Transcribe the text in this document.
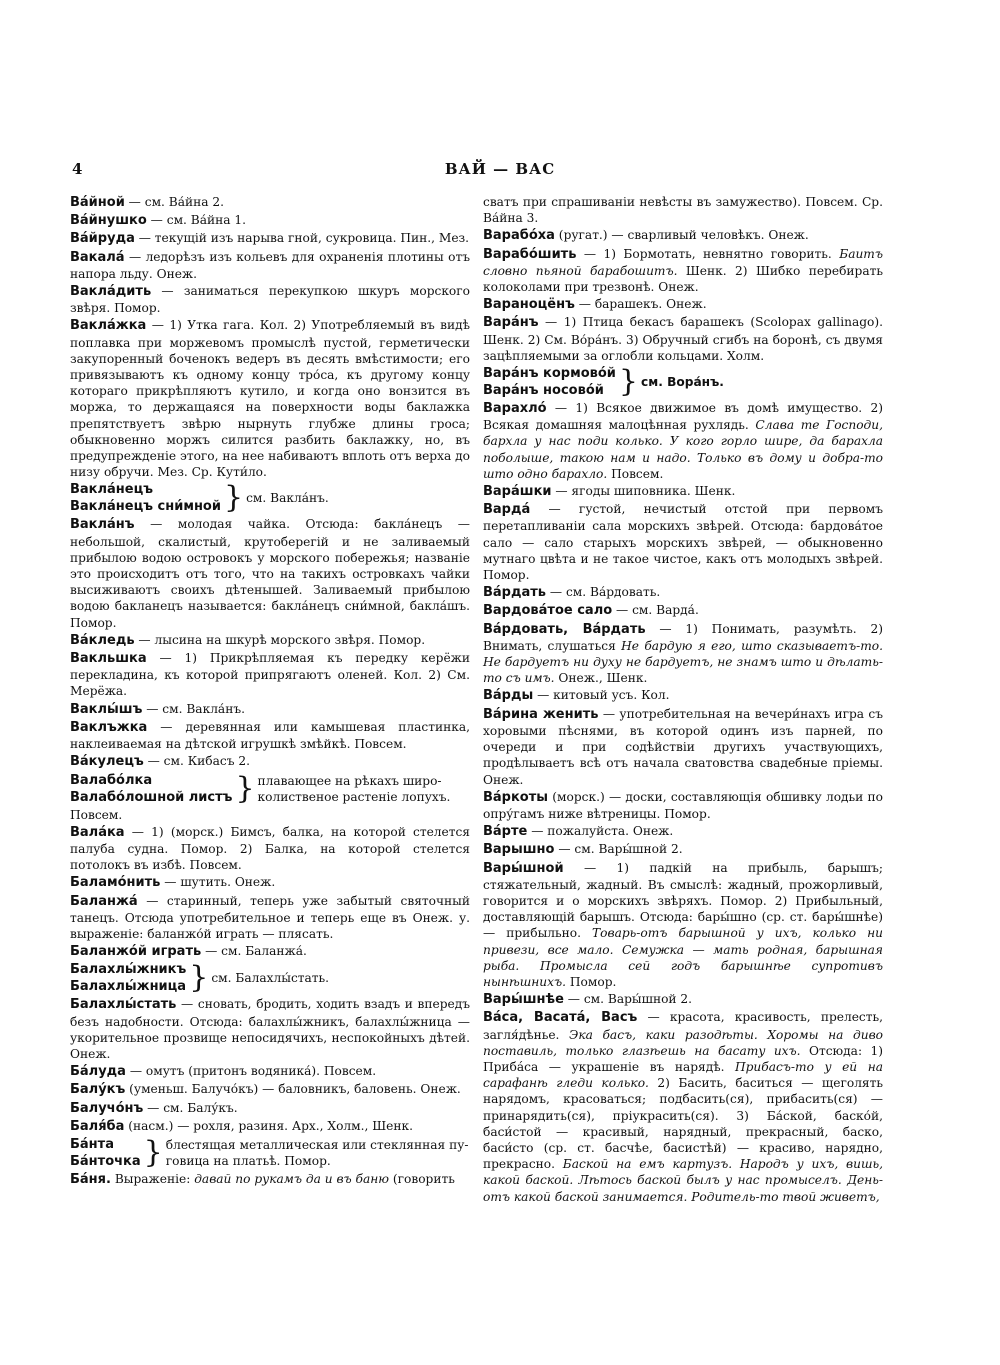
4	ВАЙ — ВАС
Ва́йной — см. Ва́йна 2.
Ва́йнушко — см. Ва́йна 1.
Ва́йруда — текущій изъ нарыва гной, сукровица. Пин., Мез.
Вакала́ — ледорѣзъ изъ кольевъ для охраненія плотины отъ напора льду. Онеж.
Вакла́дить — заниматься перекупкою шкуръ морского звѣря. Помор.
Вакла́жка — 1) Утка гага. Кол. 2) Употребляемый въ видѣ поплавка при моржевомъ промыслѣ пустой, герметически закупоренный боченокъ ведеръ въ десять вмѣстимости; его привязываютъ къ одному концу тро́са, къ другому концу котораго прикрѣпляютъ кутило, и когда оно вонзится въ моржа, то держащаяся на поверхности воды баклажка препятствуетъ звѣрю нырнуть глубже длины гроса; обыкновенно моржъ силится разбить баклажку, но, въ предупрежденіе этого, на нее набиваютъ вплоть отъ верха до низу обручи. Мез. Ср. Кути́ло.
Вакла́нецъ
Вакла́нецъ сни́мной } см. Вакла́нъ.
Вакла́нъ — молодая чайка. Отсюда: бакла́нецъ — небольшой, скалистый, крутоберегій и не заливаемый прибылою водою островокъ у морского побережья; названіе это происходитъ отъ того, что на такихъ островкахъ чайки высиживаютъ своихъ дѣтенышей. Заливаемый прибылою водою бакланецъ называется: бакла́нецъ сни́мной, бакла́шъ. Помор.
Ва́кледь — лысина на шкурѣ морского звѣря. Помор.
Вакльшка — 1) Прикрѣпляемая къ передку керёжи перекладина, къ которой припрягаютъ оленей. Кол. 2) См. Мерёжа.
Ваклы́шъ — см. Вакла́нъ.
Ваклъжка — деревянная или камышевая пластинка, наклеиваемая на дѣтской игрушкѣ змѣйкѣ. Повсем.
Ва́кулецъ — см. Кибасъ 2.
Валабо́лка
Валабо́лошной листъ } плавающее на рѣкахъ широ-
колиственое растеніе лопухъ.
Повсем.
Вала́ка — 1) (морск.) Бимсъ, балка, на которой стелется палуба судна. Помор. 2) Балка, на которой стелется потолокъ въ избѣ. Повсем.
Баламо́нить — шутить. Онеж.
Баланжа́ — старинный, теперь уже забытый святочный танецъ. Отсюда употребительное и теперь еще въ Онеж. у. выраженіе: баланжо́й играть — плясать.
Баланжо́й играть — см. Баланжа́.
Балахлы́жникъ
Балахлы́жница } см. Балахлы́стать.
Балахлы́стать — сновать, бродить, ходить взадъ и впередъ безъ надобности. Отсюда: балахлы́жникъ, балахлы́жница — укорительное прозвище непосидячихъ, неспокойныхъ дѣтей. Онеж.
Ба́луда — омутъ (притонъ водяника́). Повсем.
Балу́къ (уменьш. Балучо́къ) — баловникъ, баловень. Онеж.
Балучо́нъ — см. Балу́къ.
Баля́ба (насм.) — рохля, разиня. Арх., Холм., Шенк.
Ба́нта
Ба́нточка } блестящая металлическая или стеклянная пу-
говица на платьѣ. Помор.
Ба́ня. Выраженіе: давай по рукамъ да и въ баню (говорить
сватъ при спрашиваніи невѣсты въ замужество). Повсем. Ср. Ва́йна 3.
Варабо́ха (ругат.) — сварливый человѣкъ. Онеж.
Варабо́шить — 1) Бормотать, невнятно говорить. Баитъ словно пьяной барабошитъ. Шенк. 2) Шибко перебирать колоколами при трезвонѣ. Онеж.
Вараноцёнъ — барашекъ. Онеж.
Вара́нъ — 1) Птица бекасъ барашекъ (Scolopax gallinago). Шенк. 2) См. Во́ра́нъ. 3) Обручный сгибъ на боронѣ, съ двумя зацѣпляемыми за оглобли кольцами. Холм.
Вара́нъ кормово́й
Вара́нъ носово́й } см. Вора́нъ.
Варахло́ — 1) Всякое движимое въ домѣ имущество. 2) Всякая домашняя малоцѣнная рухлядь. Слава те Господи, бархла у нас поди колько. У кого горло шире, да барахла поболыше, такою нам и надо. Только въ дому и добра-то што одно барахло. Повсем.
Вара́шки — ягоды шиповника. Шенк.
Варда́ — густой, нечистый отстой при первомъ перетапливаніи сала морскихъ звѣрей. Отсюда: бардова́тое сало — сало старыхъ морскихъ звѣрей, — обыкновенно мутнаго цвѣта и не такое чистое, какъ отъ молодыхъ звѣрей. Помор.
Ва́рдать — см. Ва́рдовать.
Вардова́тое сало — см. Варда́.
Ва́рдовать, Ва́рдать — 1) Понимать, разумѣть. 2) Внимать, слушаться Не бардую я его, што сказываетъ-то. Не бардуетъ ни духу не бардуетъ, не знамъ што и дѣлать-то съ имъ. Онеж., Шенк.
Ва́рды — китовый усъ. Кол.
Ва́рина женить — употребительная на вечери́нахъ игра съ хоровыми пѣснями, въ которой одинъ изъ парней, по очереди и при содѣйствіи другихъ участвующихъ, продѣлываетъ всѣ отъ начала сватовства свадебные пріемы. Онеж.
Ва́ркоты (морск.) — доски, составляющія обшивку лодьи по опру́гамъ ниже вѣтреницы. Помор.
Ва́рте — пожалуйста. Онеж.
Варышно — см. Вары́шной 2.
Вары́шной — 1) падкій на прибыль, барышъ; стяжательный, жадный. Въ смыслѣ: жадный, прожорливый, говорится и о морскихъ звѣряхъ. Помор. 2) Прибыльный, доставляющій барышъ. Отсюда: бары́шно (ср. ст. бары́шнѣе) — прибыльно. Товарь-отъ барышной у ихъ, колько ни привези, все мало. Семужка — мать родная, барышная рыба. Промысла сей годъ барышнѣе супротивъ нынѣшнихъ. Помор.
Вары́шнѣе — см. Вары́шной 2.
Ва́са, Васата́, Васъ — красота, красивость, прелесть, загля́дѣнье. Эка басъ, каки разодѣты. Хоромы на диво поставиль, только глазѣешь на басату ихъ. Отсюда: 1) Прибáса — украшеніе въ нарядѣ. Прибасъ-то у ей на сарафанѣ гледи колько. 2) Басить, баситься — щеголять нарядомъ, красоваться; подбасить(ся), прибасить(ся) — принарядить(ся), пріукрасить(ся). 3) Ба́ской, баско́й, баси́стой — красивый, нарядный, прекрасный, баско, баси́сто (ср. ст. басчѣе, басистѣй) — красиво, нарядно, прекрасно. Баской на емъ картузъ. Народъ у ихъ, вишь, какой баской. Лѣтось баской былъ у нас промыселъ. День-отъ какой баской занимается. Родитель-то твой живетъ,
